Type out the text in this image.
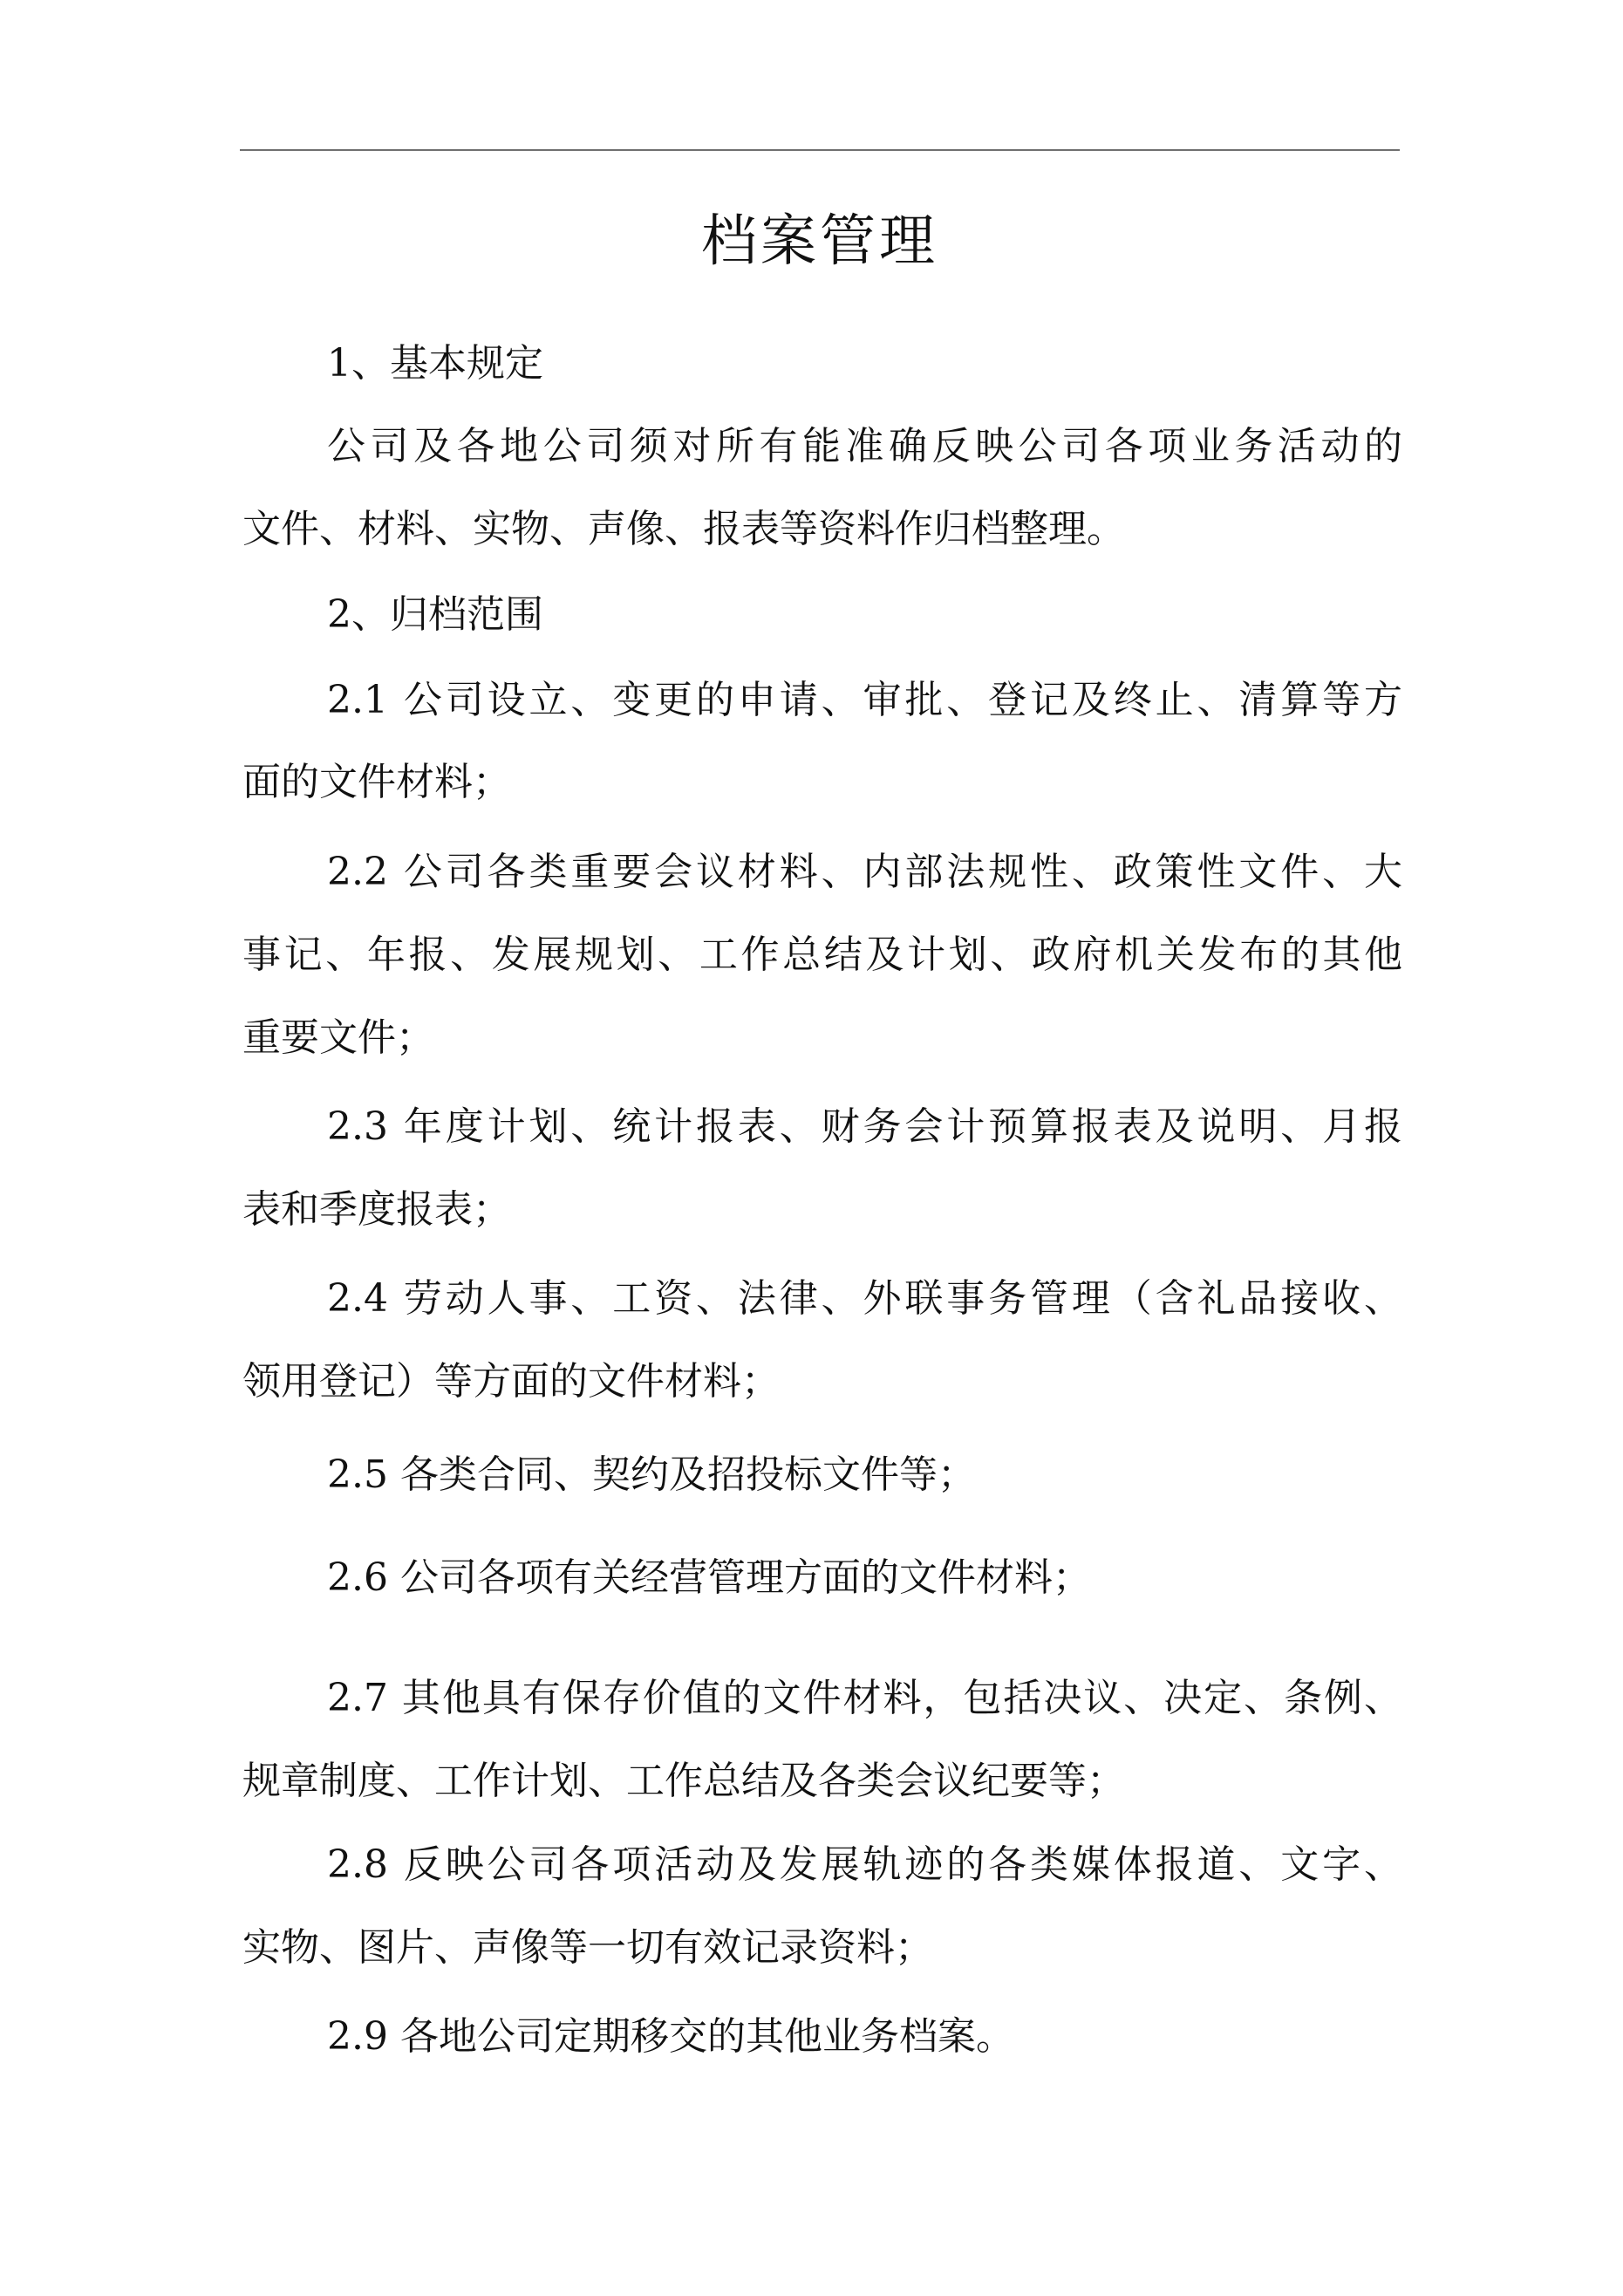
档案管理
1、基本规定
公司及各地公司须对所有能准确反映公司各项业务活动的
文件、材料、实物、声像、报表等资料作归档整理。
2、归档范围
2.1 公司设立、变更的申请、审批、登记及终止、清算等方
面的文件材料；
2.2 公司各类重要会议材料、内部法规性、政策性文件、大
事记、年报、发展规划、工作总结及计划、政府机关发布的其他
重要文件；
2.3 年度计划、统计报表、财务会计预算报表及说明、月报
表和季度报表；
2.4 劳动人事、工资、法律、外联事务管理（含礼品接收、
领用登记）等方面的文件材料；
2.5 各类合同、契约及招投标文件等；
2.6 公司各项有关经营管理方面的文件材料；
2.7 其他具有保存价值的文件材料，包括决议、决定、条例、
规章制度、工作计划、工作总结及各类会议纪要等；
2.8 反映公司各项活动及发展轨迹的各类媒体报道、文字、
实物、图片、声像等一切有效记录资料；
2.9 各地公司定期移交的其他业务档案。
